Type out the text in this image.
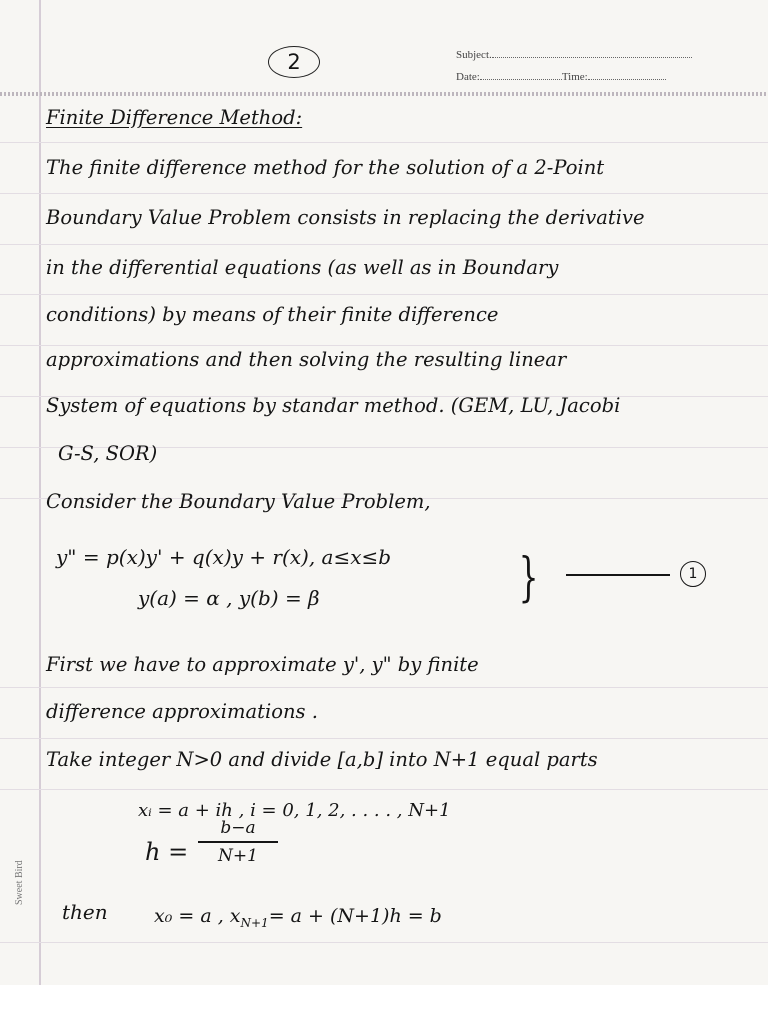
2	Subject.
Date:	Time:
Sweet Bird
Finite Difference Method:
The finite difference method for the solution of a 2-Point
Boundary Value Problem consists in replacing the derivative
in the differential equations (as well as in Boundary
conditions) by means of their finite difference
approximations and then solving the resulting linear
System of equations by standar method. (GEM, LU, Jacobi
G-S, SOR)
Consider the Boundary Value Problem,
y" = p(x)y' + q(x)y + r(x), a≤x≤b
y(a) = α , y(b) = β	}	1
First we have to approximate y', y" by finite
difference approximations .
Take integer N>0 and divide [a,b] into N+1 equal parts
xᵢ = a + ih , i = 0, 1, 2, . . . . , N+1
h =
b−a
N+1
then x₀ = a , $x_{N+1}= a + (N+1)h = b$
